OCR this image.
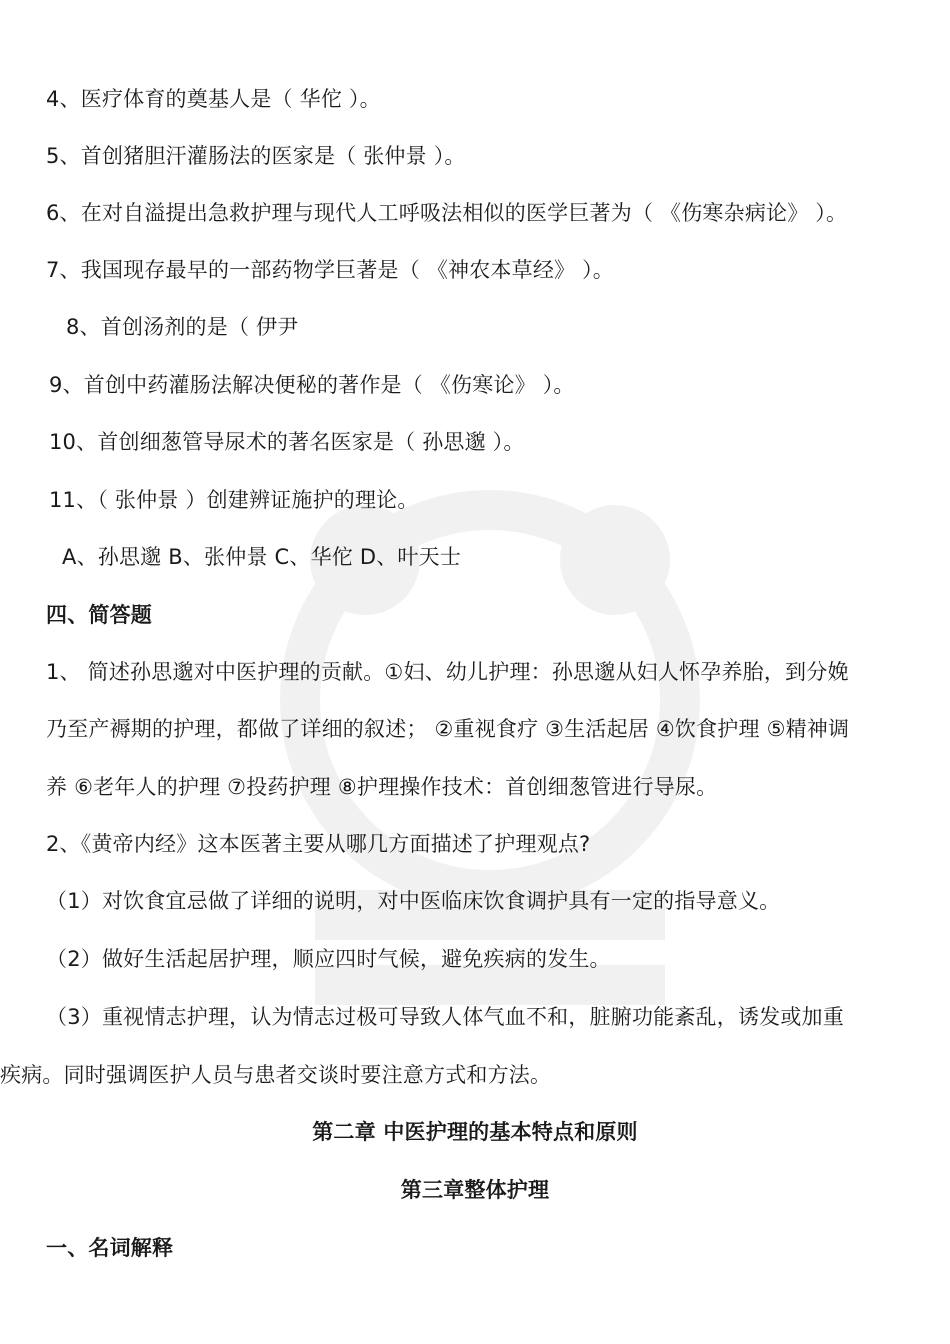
4、医疗体育的奠基人是（ 华佗 ）。
5、首创猪胆汗灌肠法的医家是（ 张仲景 ）。
6、在对自溢提出急救护理与现代人工呼吸法相似的医学巨著为（ 《伤寒杂病论》 ）。
7、我国现存最早的一部药物学巨著是（ 《神农本草经》 ）。
8、首创汤剂的是（ 伊尹
9、首创中药灌肠法解决便秘的著作是（ 《伤寒论》 ）。
10、首创细葱管导尿术的著名医家是（ 孙思邈 ）。
11、（ 张仲景 ）创建辨证施护的理论。
A、孙思邈 B、张仲景 C、华佗 D、叶天士
四、简答题
1、 简述孙思邈对中医护理的贡献。①妇、幼儿护理：孙思邈从妇人怀孕养胎，到分娩
乃至产褥期的护理，都做了详细的叙述； ②重视食疗 ③生活起居 ④饮食护理 ⑤精神调
养 ⑥老年人的护理 ⑦投药护理 ⑧护理操作技术：首创细葱管进行导尿。
2、《黄帝内经》这本医著主要从哪几方面描述了护理观点?
（1）对饮食宜忌做了详细的说明，对中医临床饮食调护具有一定的指导意义。
（2）做好生活起居护理，顺应四时气候，避免疾病的发生。
（3）重视情志护理，认为情志过极可导致人体气血不和，脏腑功能紊乱，诱发或加重
疾病。同时强调医护人员与患者交谈时要注意方式和方法。
第二章 中医护理的基本特点和原则
第三章整体护理
一、名词解释
